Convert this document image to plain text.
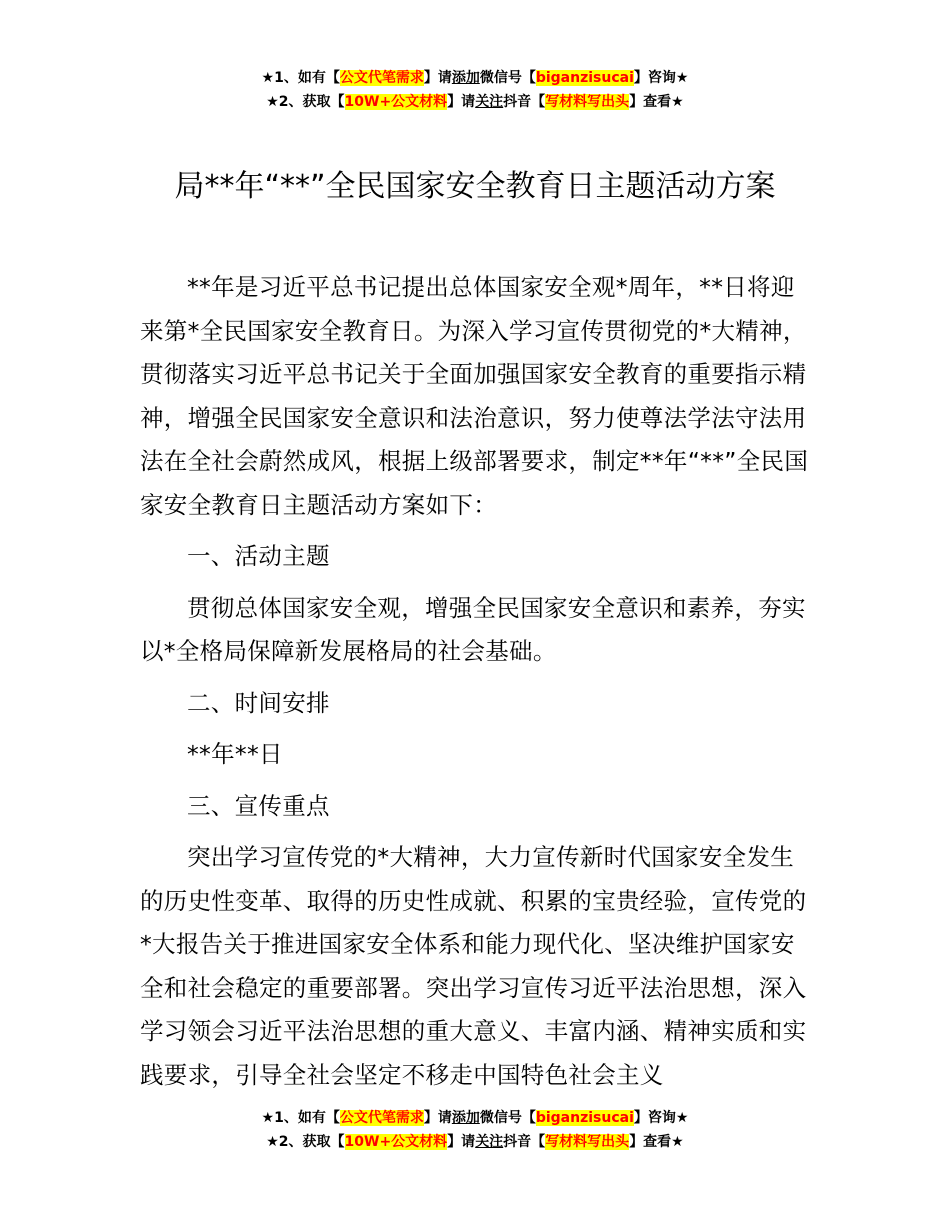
★1、如有【公文代笔需求】请添加微信号【biganzisucai】咨询★
★2、获取【10W+公文材料】请关注抖音【写材料写出头】查看★
局**年“**”全民国家安全教育日主题活动方案

**年是习近平总书记提出总体国家安全观*周年，**日将迎来第*全民国家安全教育日。为深入学习宣传贯彻党的*大精神，贯彻落实习近平总书记关于全面加强国家安全教育的重要指示精神，增强全民国家安全意识和法治意识，努力使尊法学法守法用法在全社会蔚然成风，根据上级部署要求，制定**年“**”全民国家安全教育日主题活动方案如下：

一、活动主题

贯彻总体国家安全观，增强全民国家安全意识和素养，夯实以*全格局保障新发展格局的社会基础。

二、时间安排

**年**日

三、宣传重点

突出学习宣传党的*大精神，大力宣传新时代国家安全发生的历史性变革、取得的历史性成就、积累的宝贵经验，宣传党的*大报告关于推进国家安全体系和能力现代化、坚决维护国家安全和社会稳定的重要部署。突出学习宣传习近平法治思想，深入学习领会习近平法治思想的重大意义、丰富内涵、精神实质和实践要求，引导全社会坚定不移走中国特色社会主义

★1、如有【公文代笔需求】请添加微信号【biganzisucai】咨询★
★2、获取【10W+公文材料】请关注抖音【写材料写出头】查看★
